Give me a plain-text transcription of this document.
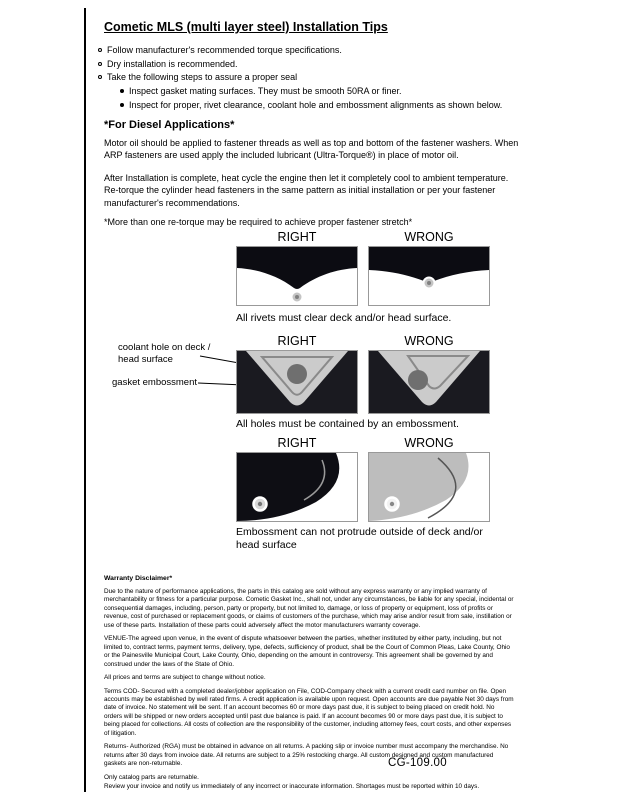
Cometic MLS (multi layer steel) Installation Tips
Follow manufacturer's recommended torque specifications.
Dry installation is recommended.
Take the following steps to assure a proper seal
Inspect gasket mating surfaces. They must be smooth 50RA or finer.
Inspect for proper, rivet clearance, coolant hole and embossment alignments as shown below.
*For Diesel Applications*
Motor oil should be applied to fastener threads as well as top and bottom of the fastener washers. When ARP fasteners are used apply the included lubricant (Ultra-Torque®) in place of motor oil.
After Installation is complete, heat cycle the engine then let it completely cool to ambient temperature. Re-torque the cylinder head fasteners in the same pattern as initial installation or per your fastener manufacturer's recommendations.
*More than one re-torque may be required to achieve proper fastener stretch*
RIGHT	WRONG
All rivets must clear deck and/or head surface.
RIGHT	WRONG
coolant hole on deck / head surface
gasket embossment
All holes must be contained by an embossment.
RIGHT	WRONG
Embossment can not protrude outside of deck and/or head surface
Warranty Disclaimer*

Due to the nature of performance applications, the parts in this catalog are sold without any express warranty or any implied warranty of merchantability or fitness for a particular purpose. Cometic Gasket Inc., shall not, under any circumstances, be liable for any special, incidental or consequential damages, including, person, party or property, but not limited to, damage, or loss of property or equipment, loss of profits or revenue, cost of purchased or replacement goods, or claims of customers of the purchase, which may arise and/or result from sale, instillation or use of these parts. Installation of these parts could adversely affect the motor manufacturers warranty coverage.

VENUE-The agreed upon venue, in the event of dispute whatsoever between the parties, whether instituted by either party, including, but not limited to, contract terms, payment terms, delivery, type, defects, sufficiency of product, shall be the Court of Common Pleas, Lake County, Ohio or the Painesville Municipal Court, Lake County, Ohio, depending on the amount in controversy. This agreement shall be governed by and construed under the laws of the State of Ohio.

All prices and terms are subject to change without notice.

Terms COD- Secured with a completed dealer/jobber application on File, COD-Company check with a current credit card number on file. Open accounts may be established by well rated firms. A credit application is available upon request. Open accounts are due payable Net 30 days from date of invoice. No statement will be sent. If an account becomes 60 or more days past due, it is subject to being placed on credit hold. No orders will be shipped or new orders accepted until past due balance is paid. If an account becomes 90 or more days past due, it is subject to being placed for collections. All costs of collection are the responsibility of the customer, including attorney fees, court costs, and other expenses of litigation.

Returns- Authorized (RGA) must be obtained in advance on all returns. A packing slip or invoice number must accompany the merchandise. No returns after 30 days from invoice date. All returns are subject to a 25% restocking charge. All custom designed and custom manufactured gaskets are non-returnable.

Only catalog parts are returnable.

Review your invoice and notify us immediately of any incorrect or inaccurate information. Shortages must be reported within 10 days.

CG-109.00
